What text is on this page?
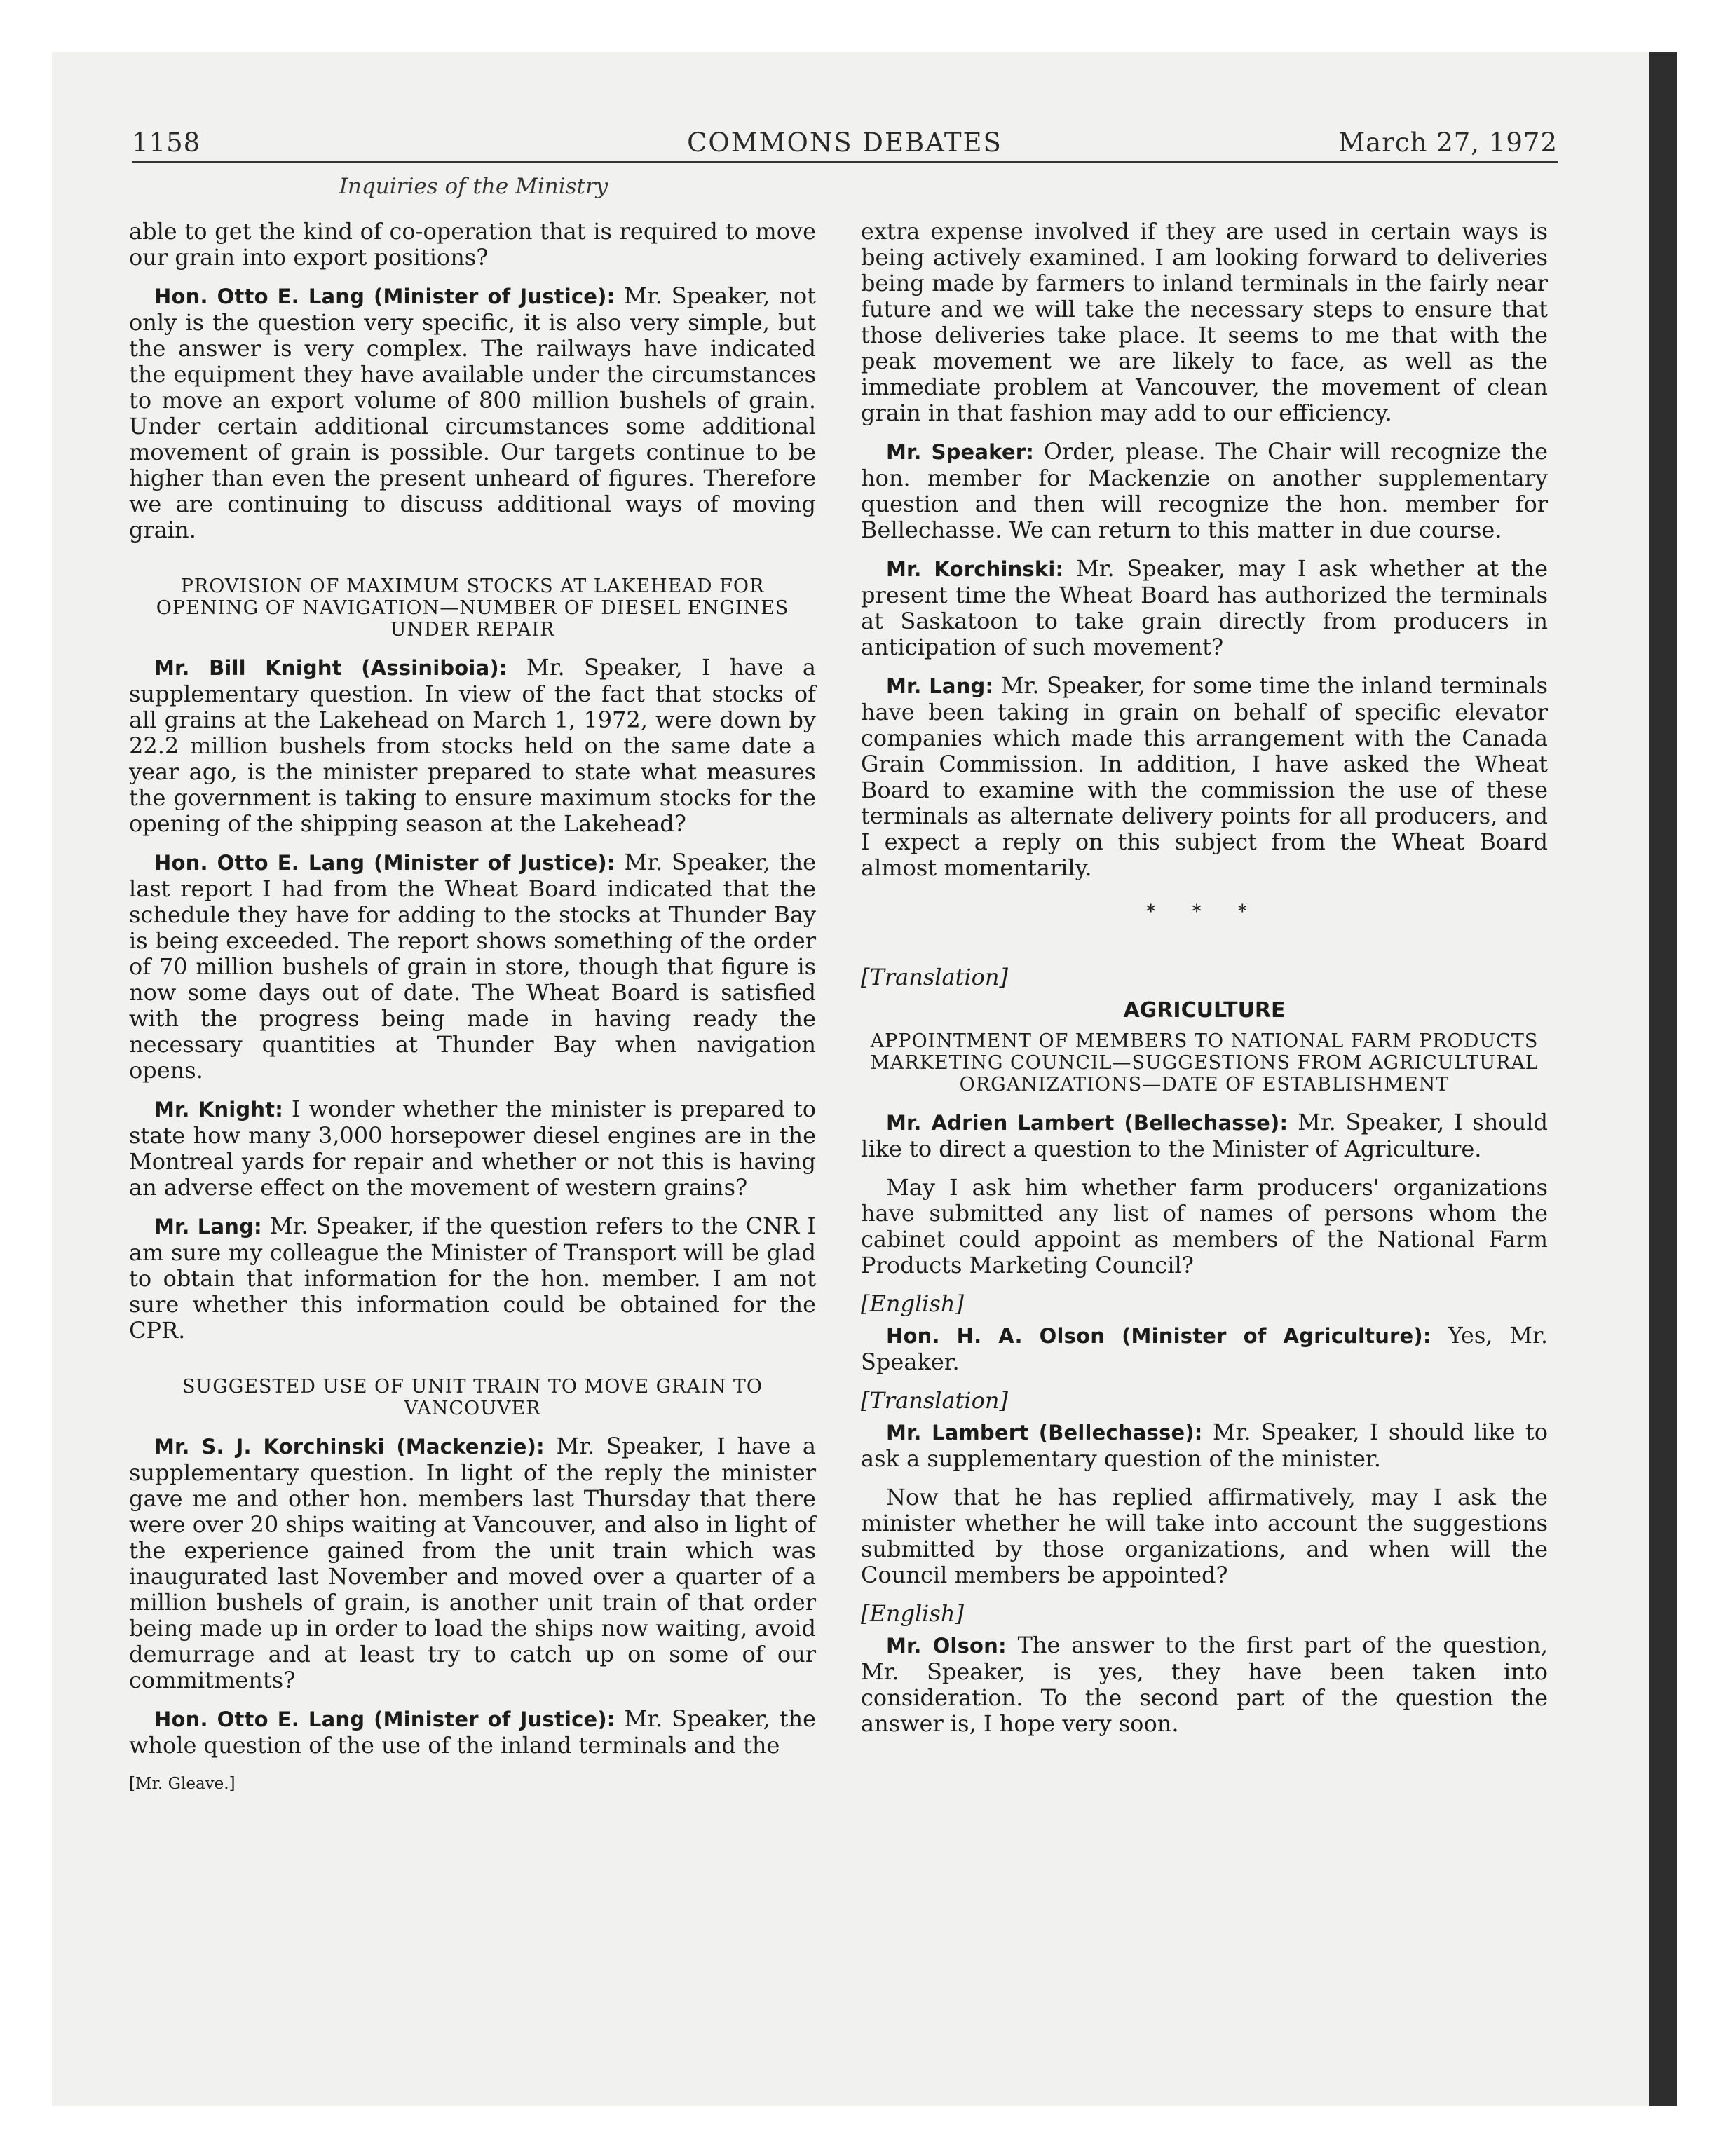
1158	COMMONS DEBATES	March 27, 1972
Inquiries of the Ministry

able to get the kind of co-operation that is required to move our grain into export positions?

Hon. Otto E. Lang (Minister of Justice): Mr. Speaker, not only is the question very specific, it is also very simple, but the answer is very complex. The railways have indicated the equipment they have available under the circumstances to move an export volume of 800 million bushels of grain. Under certain additional circumstances some additional movement of grain is possible. Our targets continue to be higher than even the present unheard of figures. Therefore we are continuing to discuss additional ways of moving grain.

PROVISION OF MAXIMUM STOCKS AT LAKEHEAD FOR OPENING OF NAVIGATION—NUMBER OF DIESEL ENGINES UNDER REPAIR

Mr. Bill Knight (Assiniboia): Mr. Speaker, I have a supplementary question. In view of the fact that stocks of all grains at the Lakehead on March 1, 1972, were down by 22.2 million bushels from stocks held on the same date a year ago, is the minister prepared to state what measures the government is taking to ensure maximum stocks for the opening of the shipping season at the Lakehead?

Hon. Otto E. Lang (Minister of Justice): Mr. Speaker, the last report I had from the Wheat Board indicated that the schedule they have for adding to the stocks at Thunder Bay is being exceeded. The report shows something of the order of 70 million bushels of grain in store, though that figure is now some days out of date. The Wheat Board is satisfied with the progress being made in having ready the necessary quantities at Thunder Bay when navigation opens.

Mr. Knight: I wonder whether the minister is prepared to state how many 3,000 horsepower diesel engines are in the Montreal yards for repair and whether or not this is having an adverse effect on the movement of western grains?

Mr. Lang: Mr. Speaker, if the question refers to the CNR I am sure my colleague the Minister of Transport will be glad to obtain that information for the hon. member. I am not sure whether this information could be obtained for the CPR.

SUGGESTED USE OF UNIT TRAIN TO MOVE GRAIN TO VANCOUVER

Mr. S. J. Korchinski (Mackenzie): Mr. Speaker, I have a supplementary question. In light of the reply the minister gave me and other hon. members last Thursday that there were over 20 ships waiting at Vancouver, and also in light of the experience gained from the unit train which was inaugurated last November and moved over a quarter of a million bushels of grain, is another unit train of that order being made up in order to load the ships now waiting, avoid demurrage and at least try to catch up on some of our commitments?

Hon. Otto E. Lang (Minister of Justice): Mr. Speaker, the whole question of the use of the inland terminals and the

[Mr. Gleave.]

extra expense involved if they are used in certain ways is being actively examined. I am looking forward to deliveries being made by farmers to inland terminals in the fairly near future and we will take the necessary steps to ensure that those deliveries take place. It seems to me that with the peak movement we are likely to face, as well as the immediate problem at Vancouver, the movement of clean grain in that fashion may add to our efficiency.

Mr. Speaker: Order, please. The Chair will recognize the hon. member for Mackenzie on another supplementary question and then will recognize the hon. member for Bellechasse. We can return to this matter in due course.

Mr. Korchinski: Mr. Speaker, may I ask whether at the present time the Wheat Board has authorized the terminals at Saskatoon to take grain directly from producers in anticipation of such movement?

Mr. Lang: Mr. Speaker, for some time the inland terminals have been taking in grain on behalf of specific elevator companies which made this arrangement with the Canada Grain Commission. In addition, I have asked the Wheat Board to examine with the commission the use of these terminals as alternate delivery points for all producers, and I expect a reply on this subject from the Wheat Board almost momentarily.

* * *
[Translation]
AGRICULTURE
APPOINTMENT OF MEMBERS TO NATIONAL FARM PRODUCTS MARKETING COUNCIL—SUGGESTIONS FROM AGRICULTURAL ORGANIZATIONS—DATE OF ESTABLISHMENT

Mr. Adrien Lambert (Bellechasse): Mr. Speaker, I should like to direct a question to the Minister of Agriculture.

May I ask him whether farm producers' organizations have submitted any list of names of persons whom the cabinet could appoint as members of the National Farm Products Marketing Council?

[English]

Hon. H. A. Olson (Minister of Agriculture): Yes, Mr. Speaker.

[Translation]

Mr. Lambert (Bellechasse): Mr. Speaker, I should like to ask a supplementary question of the minister.

Now that he has replied affirmatively, may I ask the minister whether he will take into account the suggestions submitted by those organizations, and when will the Council members be appointed?

[English]

Mr. Olson: The answer to the first part of the question, Mr. Speaker, is yes, they have been taken into consideration. To the second part of the question the answer is, I hope very soon.
